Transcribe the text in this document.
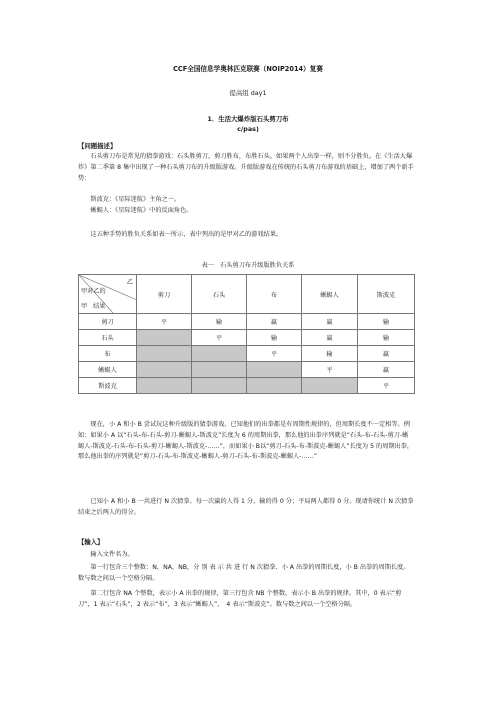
CCF全国信息学奥林匹克联赛（NOIP2014）复赛
提高组 day1
1．生活大爆炸版石头剪刀布
c/pas)
【问题描述】
石头剪刀布是常见的猜拳游戏：石头胜剪刀，剪刀胜布，布胜石头。如果两个人出拳一样，则不分胜负。在《生活大爆炸》第二季第 8 集中出现了一种石头剪刀布的升级版游戏。升级版游戏在传统的石头剪刀布游戏的基础上，增加了两个新手势：
斯波克：《星际迷航》主角之一。
蜥蜴人：《星际迷航》中的反面角色。
这五种手势的胜负关系如表一所示，表中列出的是甲对乙的游戏结果。
表一　石头剪刀布升级版胜负关系
乙
甲对乙的
甲 结果	剪刀	石头	布	蜥蜴人	斯波克
剪刀	平	输	赢	赢	输
石头		平	输	赢	输
布			平	输	赢
蜥蜴人				平	赢
斯波克					平
现在，小 A 和小 B 尝试玩这种升级版的猜拳游戏。已知他们的出拳都是有周期性规律的，但周期长度不一定相等。例如：如果小 A 以“石头-布-石头-剪刀-蜥蜴人-斯波克”长度为 6 的周期出拳，那么他的出拳序列就是“石头-布-石头-剪刀-蜥蜴人-斯波克-石头-布-石头-剪刀-蜥蜴人-斯波克-……”，而如果小 B以“剪刀-石头-布-斯波克-蜥蜴人”长度为 5 的周期出拳，那么他出拳的序列就是“剪刀-石头-布-斯波克-蜥蜴人-剪刀-石头-布-斯波克-蜥蜴人-……”
已知小 A 和小 B 一共进行 N 次猜拳。每一次赢的人得 1 分，输的得 0 分；平局两人都得 0 分。现请你统计 N 次猜拳结束之后两人的得分。
【输入】
输入文件名为。
第一行包含三个整数：N，NA，NB，分 别 表 示 共 进 行 N 次猜拳、小 A 出拳的周期长度，小 B 出拳的周期长度。数与数之间以一个空格分隔。
第二行包含 NA 个整数，表示小 A 出拳的规律，第三行包含 NB 个整数，表示小 B 出拳的规律。其中，0 表示“剪刀”，1 表示“石头”，2 表示“布”，3 表示“蜥蜴人”，　4 表示“斯波克”。数与数之间以一个空格分隔。
